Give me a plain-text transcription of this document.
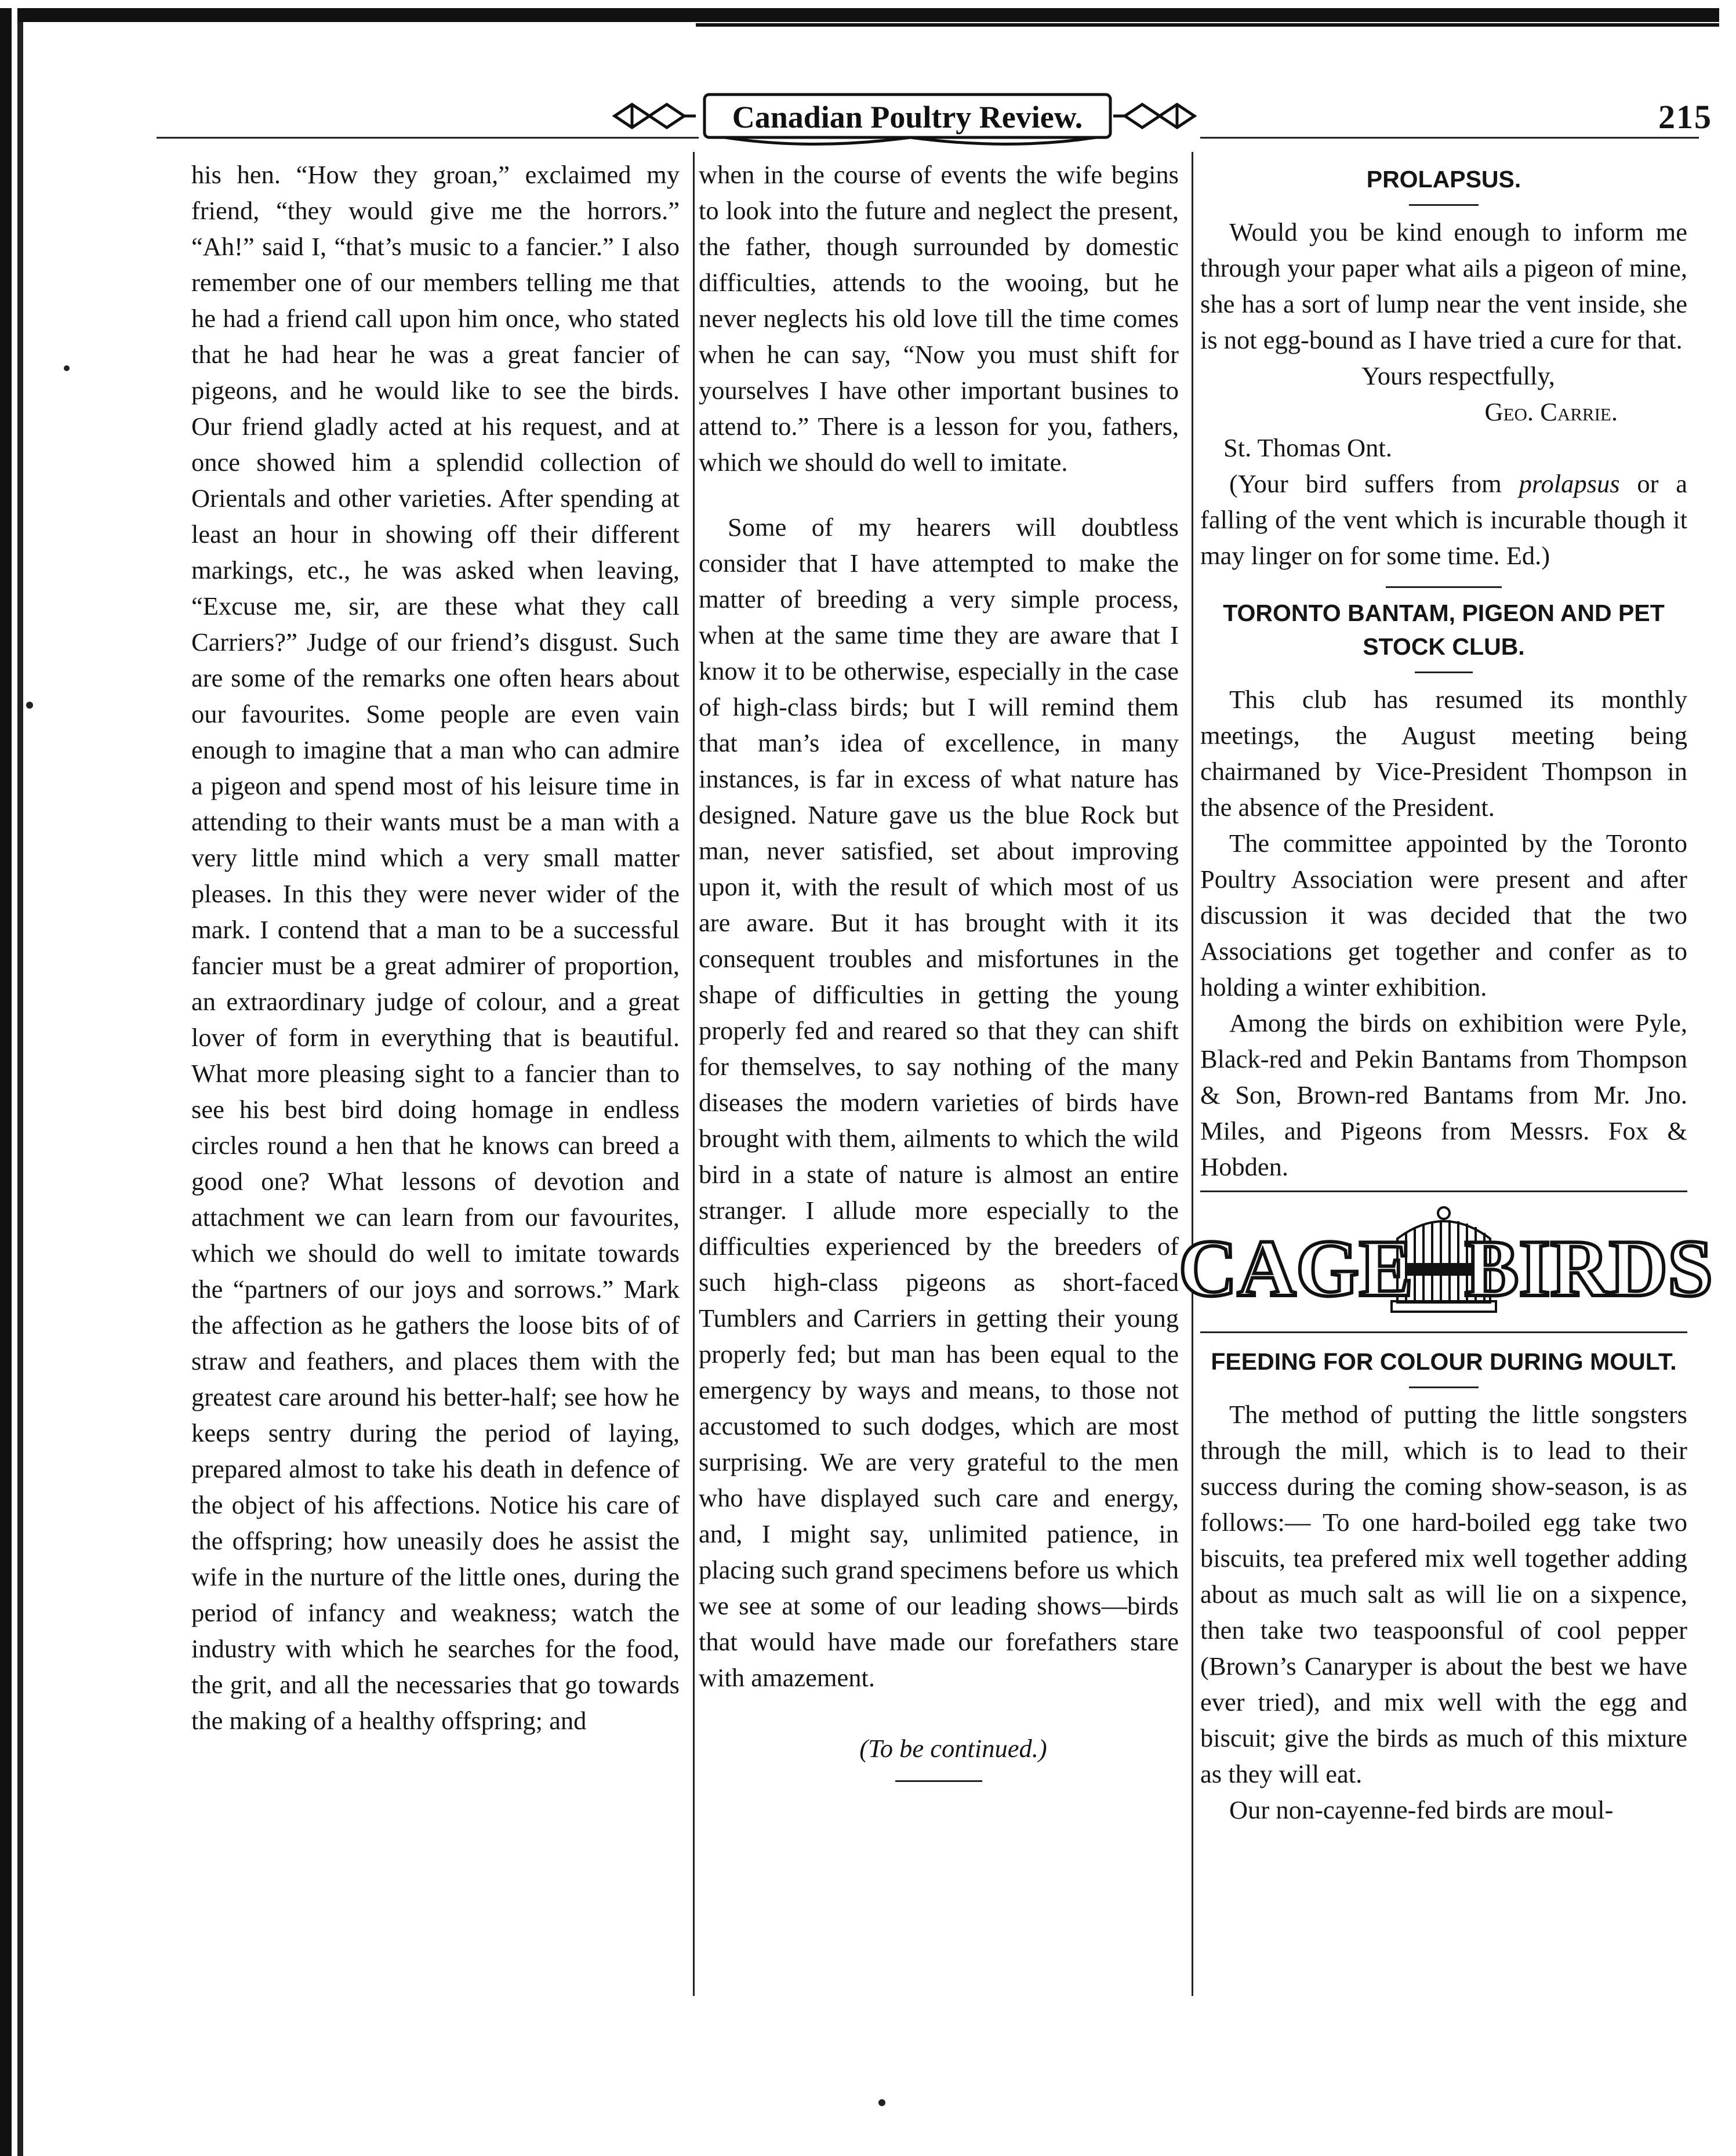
Canadian Poultry Review.	215

his hen. “How they groan,” exclaimed my friend, “they would give me the horrors.” “Ah!” said I, “that’s music to a fancier.” I also remember one of our members telling me that he had a friend call upon him once, who stated that he had hear he was a great fancier of pigeons, and he would like to see the birds. Our friend gladly acted at his request, and at once showed him a splendid collection of Orientals and other varieties. After spending at least an hour in showing off their different markings, etc., he was asked when leaving, “Excuse me, sir, are these what they call Carriers?” Judge of our friend’s disgust. Such are some of the remarks one often hears about our favourites. Some people are even vain enough to imagine that a man who can admire a pigeon and spend most of his leisure time in attending to their wants must be a man with a very little mind which a very small matter pleases. In this they were never wider of the mark. I contend that a man to be a successful fancier must be a great admirer of proportion, an extraordinary judge of colour, and a great lover of form in everything that is beautiful. What more pleasing sight to a fancier than to see his best bird doing homage in endless circles round a hen that he knows can breed a good one? What lessons of devotion and attachment we can learn from our favourites, which we should do well to imitate towards the “partners of our joys and sorrows.” Mark the affection as he gathers the loose bits of of straw and feathers, and places them with the greatest care around his better-half; see how he keeps sentry during the period of laying, prepared almost to take his death in defence of the object of his affections. Notice his care of the offspring; how uneasily does he assist the wife in the nurture of the little ones, during the period of infancy and weakness; watch the industry with which he searches for the food, the grit, and all the necessaries that go towards the making of a healthy offspring; and

when in the course of events the wife begins to look into the future and neglect the present, the father, though surrounded by domestic difficulties, attends to the wooing, but he never neglects his old love till the time comes when he can say, “Now you must shift for yourselves I have other important busines to attend to.” There is a lesson for you, fathers, which we should do well to imitate.

Some of my hearers will doubtless consider that I have attempted to make the matter of breeding a very simple process, when at the same time they are aware that I know it to be otherwise, especially in the case of high-class birds; but I will remind them that man’s idea of excellence, in many instances, is far in excess of what nature has designed. Nature gave us the blue Rock but man, never satisfied, set about improving upon it, with the result of which most of us are aware. But it has brought with it its consequent troubles and misfortunes in the shape of difficulties in getting the young properly fed and reared so that they can shift for themselves, to say nothing of the many diseases the modern varieties of birds have brought with them, ailments to which the wild bird in a state of nature is almost an entire stranger. I allude more especially to the difficulties experienced by the breeders of such high-class pigeons as short-faced Tumblers and Carriers in getting their young properly fed; but man has been equal to the emergency by ways and means, to those not accustomed to such dodges, which are most surprising. We are very grateful to the men who have displayed such care and energy, and, I might say, unlimited patience, in placing such grand specimens before us which we see at some of our leading shows—birds that would have made our forefathers stare with amazement.

(To be continued.)

PROLAPSUS.

Would you be kind enough to inform me through your paper what ails a pigeon of mine, she has a sort of lump near the vent inside, she is not egg-bound as I have tried a cure for that.

Yours respectfully,

Geo. Carrie.

St. Thomas Ont.

(Your bird suffers from prolapsus or a falling of the vent which is incurable though it may linger on for some time. Ed.)

TORONTO BANTAM, PIGEON AND PET STOCK CLUB.

This club has resumed its monthly meetings, the August meeting being chairmaned by Vice-President Thompson in the absence of the President.

The committee appointed by the Toronto Poultry Association were present and after discussion it was decided that the two Associations get together and confer as to holding a winter exhibition.

Among the birds on exhibition were Pyle, Black-red and Pekin Bantams from Thompson & Son, Brown-red Bantams from Mr. Jno. Miles, and Pigeons from Messrs. Fox & Hobden.

CAGE BIRDS
FEEDING FOR COLOUR DURING MOULT.

The method of putting the little songsters through the mill, which is to lead to their success during the coming show-season, is as follows:— To one hard-boiled egg take two biscuits, tea prefered mix well together adding about as much salt as will lie on a sixpence, then take two teaspoonsful of cool pepper (Brown’s Canaryper is about the best we have ever tried), and mix well with the egg and biscuit; give the birds as much of this mixture as they will eat.

Our non-cayenne-fed birds are moul-
